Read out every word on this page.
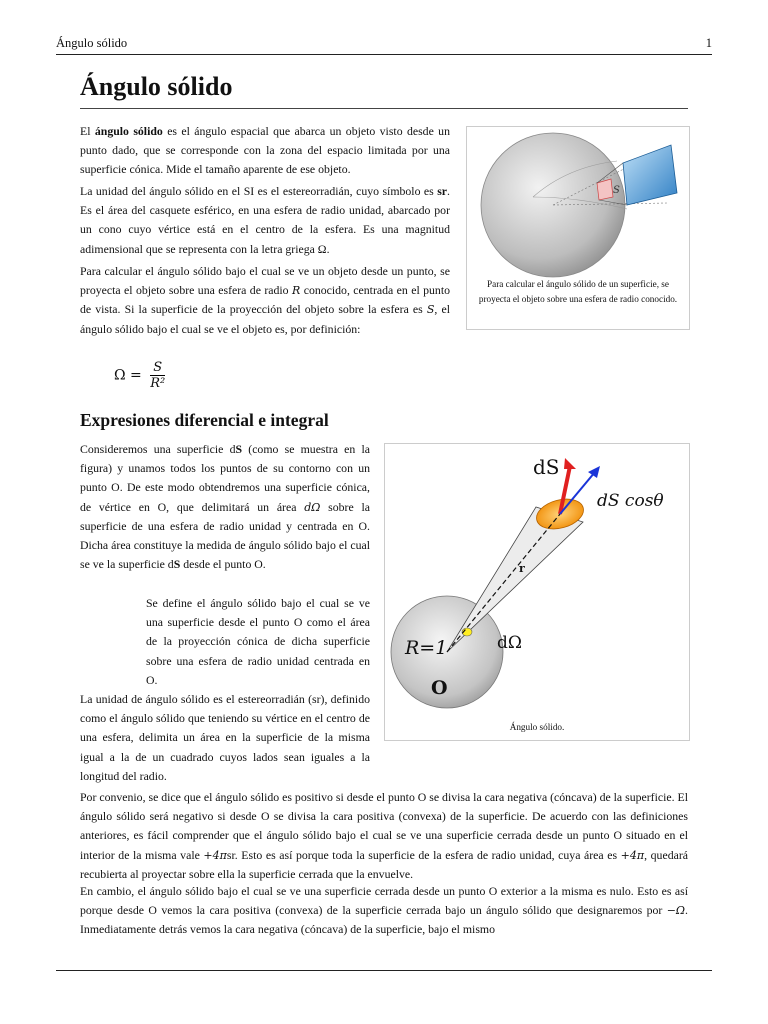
Ángulo sólido	1
Ángulo sólido

El ángulo sólido es el ángulo espacial que abarca un objeto visto desde un punto dado, que se corresponde con la zona del espacio limitada por una superficie cónica. Mide el tamaño aparente de ese objeto.

La unidad del ángulo sólido en el SI es el estereorradián, cuyo símbolo es sr. Es el área del casquete esférico, en una esfera de radio unidad, abarcado por un cono cuyo vértice está en el centro de la esfera. Es una magnitud adimensional que se representa con la letra griega Ω.

Para calcular el ángulo sólido bajo el cual se ve un objeto desde un punto, se proyecta el objeto sobre una esfera de radio R conocido, centrada en el punto de vista. Si la superficie de la proyección del objeto sobre la esfera es S, el ángulo sólido bajo el cual se ve el objeto es, por definición:

$\Omega = \frac{S}{\text{R²}}$
S
Para calcular el ángulo sólido de un superficie, se proyecta el objeto sobre una esfera de radio conocido.
Expresiones diferencial e integral

Consideremos una superficie dS (como se muestra en la figura) y unamos todos los puntos de su contorno con un punto O. De este modo obtendremos una superficie cónica, de vértice en O, que delimitará un área dΩ sobre la superficie de una esfera de radio unidad y centrada en O. Dicha área constituye la medida de ángulo sólido bajo el cual se ve la superficie dS desde el punto O.

Se define el ángulo sólido bajo el cual se ve una superficie desde el punto O como el área de la proyección cónica de dicha superficie sobre una esfera de radio unidad centrada en O.

La unidad de ángulo sólido es el estereorradián (sr), definido como el ángulo sólido que teniendo su vértice en el centro de una esfera, delimita un área en la superficie de la misma igual a la de un cuadrado cuyos lados sean iguales a la longitud del radio.

dS
dS cosθ
r
R=1	dΩ
O
Ángulo sólido.

Por convenio, se dice que el ángulo sólido es positivo si desde el punto O se divisa la cara negativa (cóncava) de la superficie. El ángulo sólido será negativo si desde O se divisa la cara positiva (convexa) de la superficie. De acuerdo con las definiciones anteriores, es fácil comprender que el ángulo sólido bajo el cual se ve una superficie cerrada desde un punto O situado en el interior de la misma vale +4πsr. Esto es así porque toda la superficie de la esfera de radio unidad, cuya área es +4π, quedará recubierta al proyectar sobre ella la superficie cerrada que la envuelve.

En cambio, el ángulo sólido bajo el cual se ve una superficie cerrada desde un punto O exterior a la misma es nulo. Esto es así porque desde O vemos la cara positiva (convexa) de la superficie cerrada bajo un ángulo sólido que designaremos por −Ω. Inmediatamente detrás vemos la cara negativa (cóncava) de la superficie, bajo el mismo
